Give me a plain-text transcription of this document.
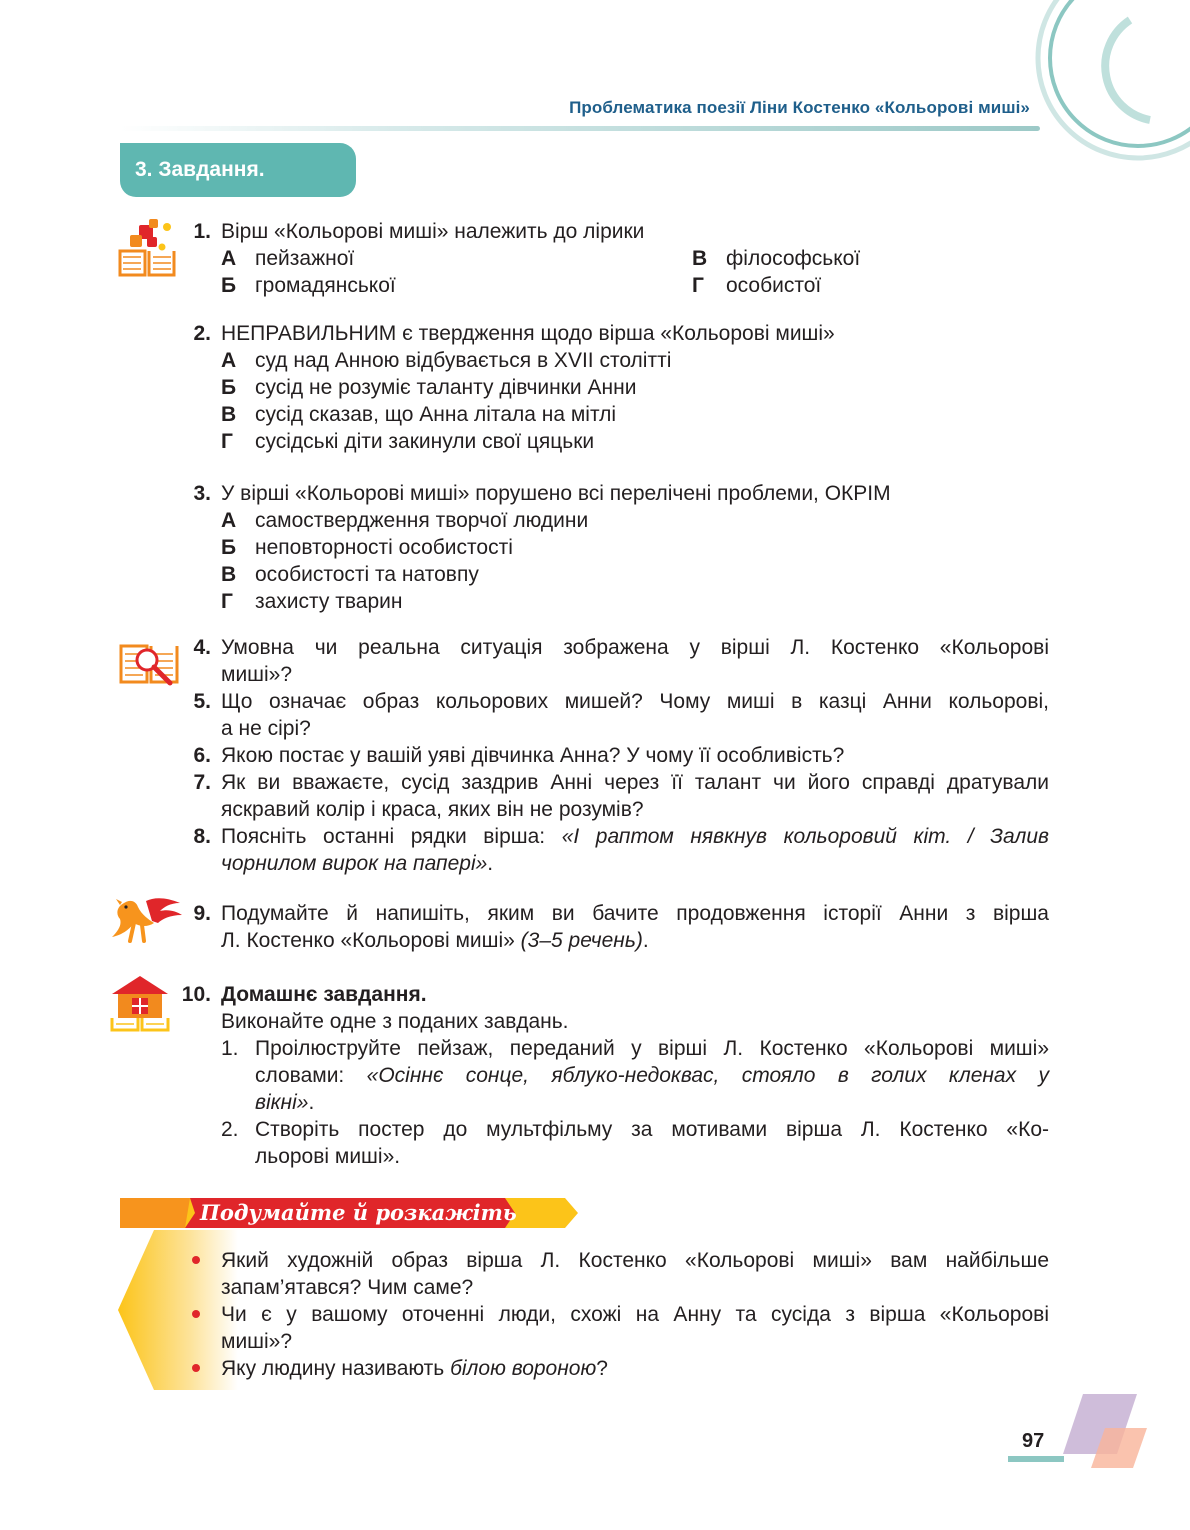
Проблематика поезії Ліни Костенко «Кольорові миші»
3. Завдання.
1. Вірш «Кольорові миші» належить до лірики
А пейзажної
Б громадянської
В філософської
Г особистої
2. НЕПРАВИЛЬНИМ є твердження щодо вірша «Кольорові миші»
А суд над Анною відбувається в XVII столітті
Б сусід не розуміє таланту дівчинки Анни
В сусід сказав, що Анна літала на мітлі
Г сусідські діти закинули свої цяцьки
3. У вірші «Кольорові миші» порушено всі перелічені проблеми, ОКРІМ
А самоствердження творчої людини
Б неповторності особистості
В особистості та натовпу
Г захисту тварин
4. Умовна чи реальна ситуація зображена у вірші Л. Костенко «Кольорові
миші»?
5. Що означає образ кольорових мишей? Чому миші в казці Анни кольорові,
а не сірі?
6. Якою постає у вашій уяві дівчинка Анна? У чому її особливість?
7. Як ви вважаєте, сусід заздрив Анні через її талант чи його справді дратували
яскравий колір і краса, яких він не розумів?
8. Поясніть останні рядки вірша: «І раптом нявкнув кольоровий кіт. / Залив
чорнилом вирок на папері».
9. Подумайте й напишіть, яким ви бачите продовження історії Анни з вірша
Л. Костенко «Кольорові миші» (3–5 речень).
10. Домашнє завдання.
Виконайте одне з поданих завдань.
1. Проілюструйте пейзаж, переданий у вірші Л. Костенко «Кольорові миші»
словами: «Осіннє сонце, яблуко-недоквас, стояло в голих кленах у
вікні».
2. Створіть постер до мультфільму за мотивами вірша Л. Костенко «Ко-
льорові миші».
Подумайте й розкажіть
Який художній образ вірша Л. Костенко «Кольорові миші» вам найбільше
запам’ятався? Чим саме?
Чи є у вашому оточенні люди, схожі на Анну та сусіда з вірша «Кольорові
миші»?
Яку людину називають білою вороною?
97
